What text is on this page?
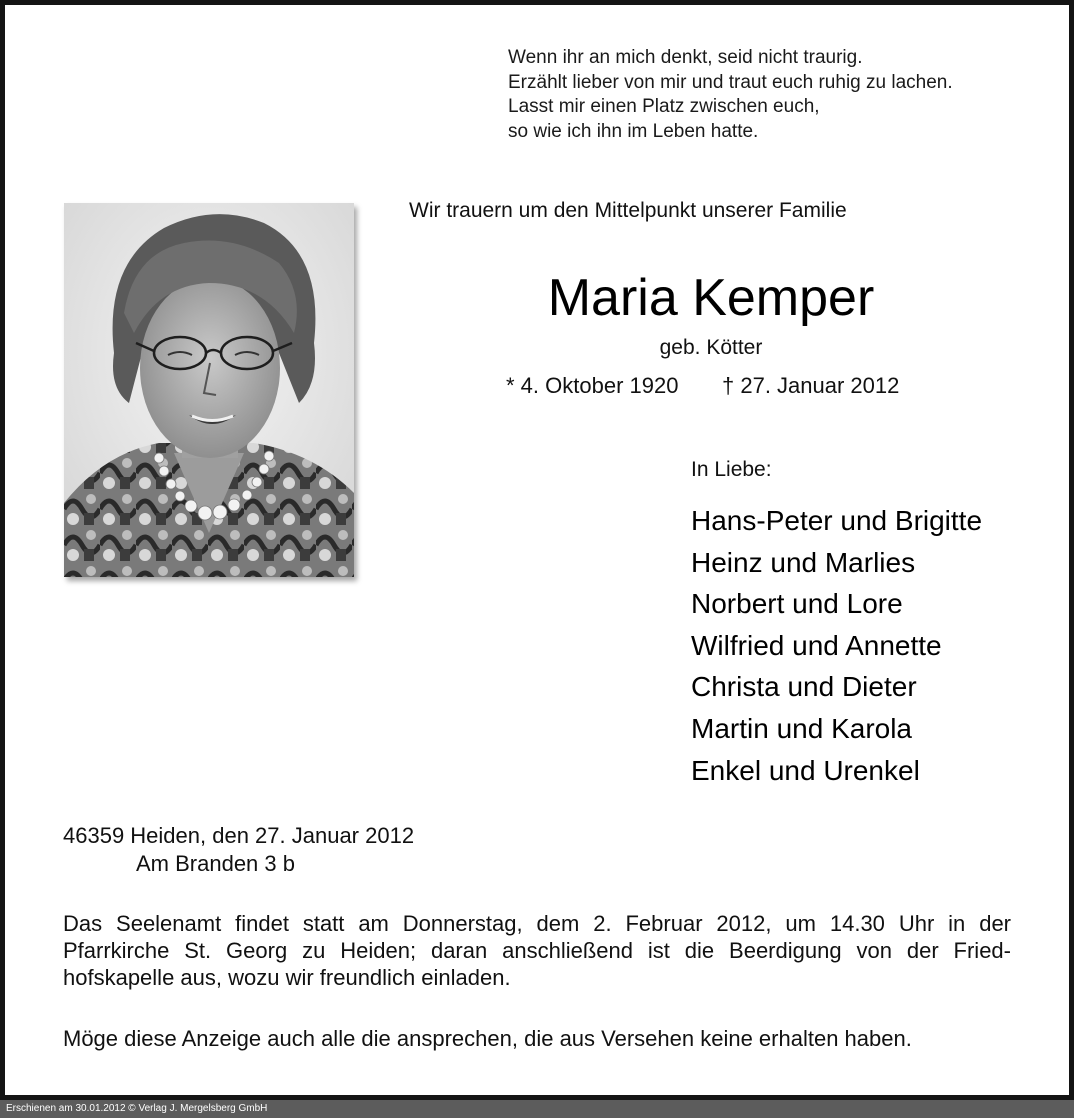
Wenn ihr an mich denkt, seid nicht traurig.
Erzählt lieber von mir und traut euch ruhig zu lachen.
Lasst mir einen Platz zwischen euch,
so wie ich ihn im Leben hatte.
Wir trauern um den Mittelpunkt unserer Familie
Maria Kemper
geb. Kötter
* 4. Oktober 1920 † 27. Januar 2012
In Liebe:
Hans-Peter und Brigitte
Heinz und Marlies
Norbert und Lore
Wilfried und Annette
Christa und Dieter
Martin und Karola
Enkel und Urenkel
46359 Heiden, den 27. Januar 2012
Am Branden 3 b
Das Seelenamt findet statt am Donnerstag, dem 2. Februar 2012, um 14.30 Uhr in der
Pfarrkirche St. Georg zu Heiden; daran anschließend ist die Beerdigung von der Fried-
hofskapelle aus, wozu wir freundlich einladen.
Möge diese Anzeige auch alle die ansprechen, die aus Versehen keine erhalten haben.
Erschienen am 30.01.2012 © Verlag J. Mergelsberg GmbH
